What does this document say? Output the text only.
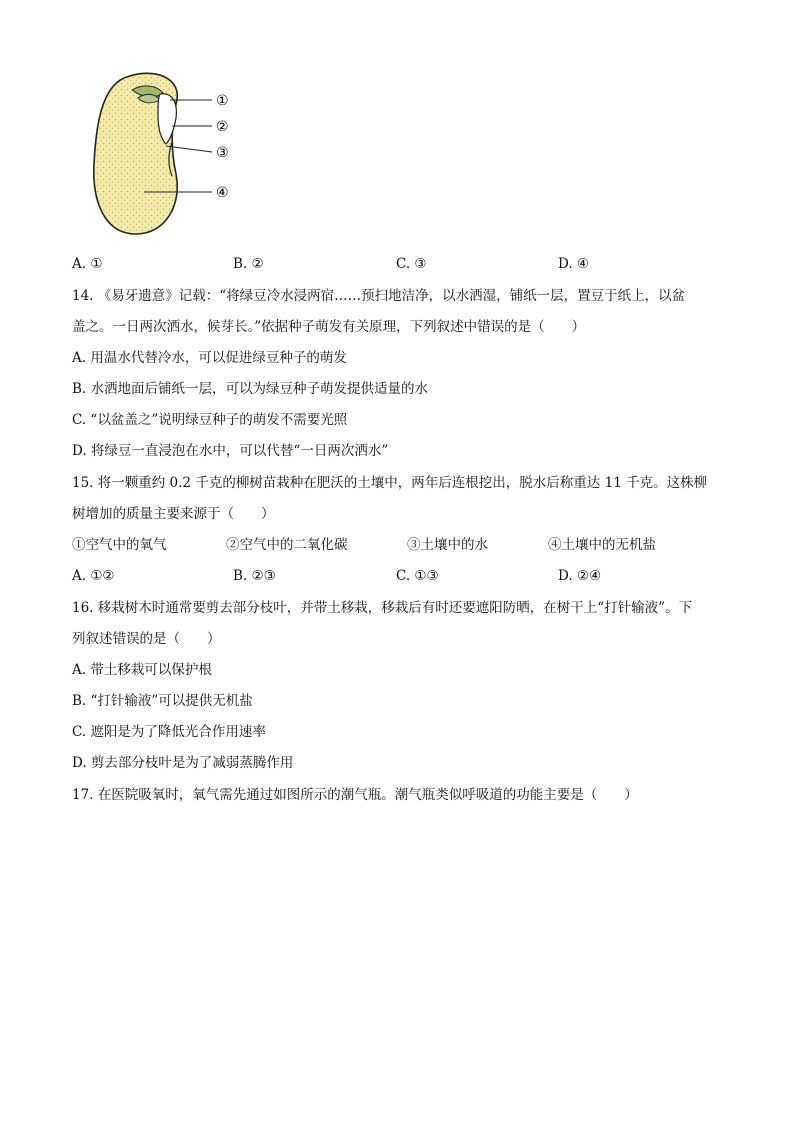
①
②
③
④
A. ①	B. ②	C. ③	D. ④
14. 《易牙遗意》记载：“将绿豆冷水浸两宿……预扫地洁净，以水洒湿，铺纸一层，置豆于纸上，以盆
盖之。一日两次洒水，候芽长。”依据种子萌发有关原理，下列叙述中错误的是（　　）
A. 用温水代替冷水，可以促进绿豆种子的萌发
B. 水洒地面后铺纸一层，可以为绿豆种子萌发提供适量的水
C. “以盆盖之”说明绿豆种子的萌发不需要光照
D. 将绿豆一直浸泡在水中，可以代替“一日两次洒水”
15. 将一颗重约 0.2 千克的柳树苗栽种在肥沃的土壤中，两年后连根挖出，脱水后称重达 11 千克。这株柳
树增加的质量主要来源于（　　）
①空气中的氧气	②空气中的二氧化碳	③土壤中的水	④土壤中的无机盐
A. ①②	B. ②③	C. ①③	D. ②④
16. 移栽树木时通常要剪去部分枝叶，并带土移栽，移栽后有时还要遮阳防晒，在树干上“打针输液”。下
列叙述错误的是（　　）
A. 带土移栽可以保护根
B. “打针输液”可以提供无机盐
C. 遮阳是为了降低光合作用速率
D. 剪去部分枝叶是为了减弱蒸腾作用
17. 在医院吸氧时，氧气需先通过如图所示的潮气瓶。潮气瓶类似呼吸道的功能主要是（　　）
